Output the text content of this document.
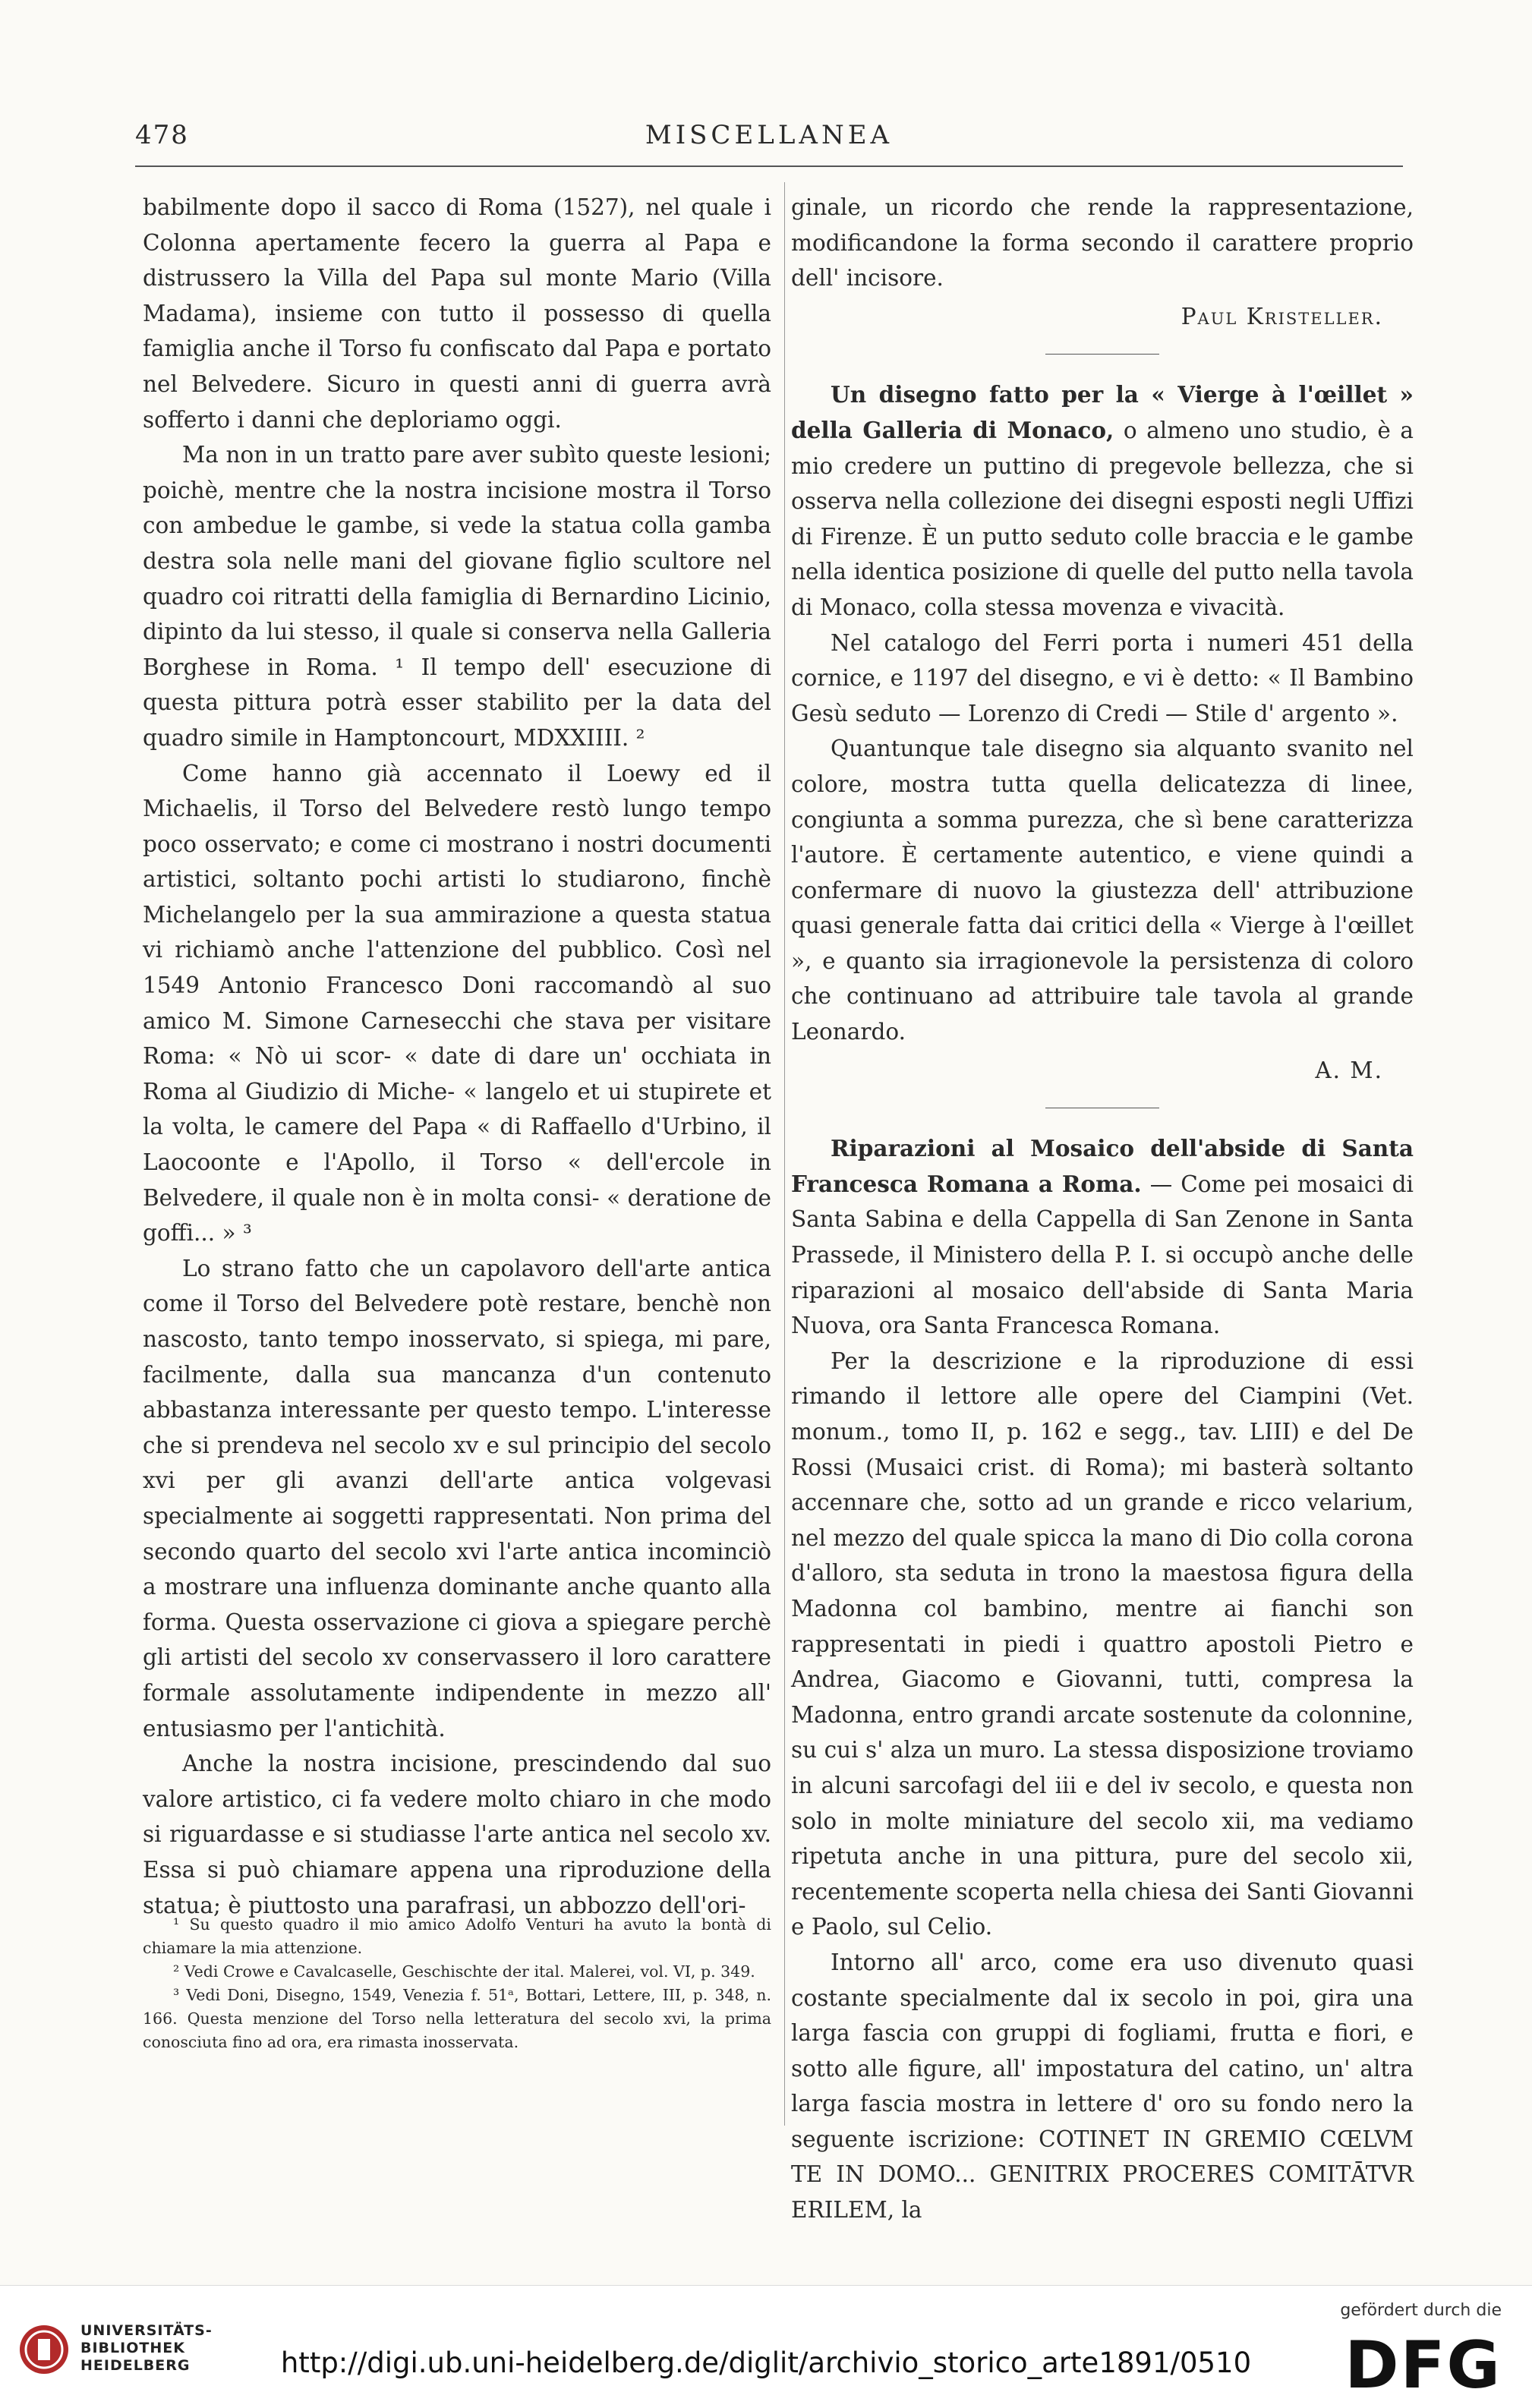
478	MISCELLANEA

babilmente dopo il sacco di Roma (1527), nel quale i Colonna apertamente fecero la guerra al Papa e distrussero la Villa del Papa sul monte Mario (Villa Madama), insieme con tutto il possesso di quella famiglia anche il Torso fu confiscato dal Papa e portato nel Belvedere. Sicuro in questi anni di guerra avrà sofferto i danni che deploriamo oggi.

Ma non in un tratto pare aver subìto queste lesioni; poichè, mentre che la nostra incisione mostra il Torso con ambedue le gambe, si vede la statua colla gamba destra sola nelle mani del giovane figlio scultore nel quadro coi ritratti della famiglia di Bernardino Licinio, dipinto da lui stesso, il quale si conserva nella Galleria Borghese in Roma. ¹ Il tempo dell' esecuzione di questa pittura potrà esser stabilito per la data del quadro simile in Hamptoncourt, MDXXIIII. ²

Come hanno già accennato il Loewy ed il Michaelis, il Torso del Belvedere restò lungo tempo poco osservato; e come ci mostrano i nostri documenti artistici, soltanto pochi artisti lo studiarono, finchè Michelangelo per la sua ammirazione a questa statua vi richiamò anche l'attenzione del pubblico. Così nel 1549 Antonio Francesco Doni raccomandò al suo amico M. Simone Carnesecchi che stava per visitare Roma: « Nò ui scor- « date di dare un' occhiata in Roma al Giudizio di Miche- « langelo et ui stupirete et la volta, le camere del Papa « di Raffaello d'Urbino, il Laocoonte e l'Apollo, il Torso « dell'ercole in Belvedere, il quale non è in molta consi- « deratione de goffi... » ³

Lo strano fatto che un capolavoro dell'arte antica come il Torso del Belvedere potè restare, benchè non nascosto, tanto tempo inosservato, si spiega, mi pare, facilmente, dalla sua mancanza d'un contenuto abbastanza interessante per questo tempo. L'interesse che si prendeva nel secolo xv e sul principio del secolo xvi per gli avanzi dell'arte antica volgevasi specialmente ai soggetti rappresentati. Non prima del secondo quarto del secolo xvi l'arte antica incominciò a mostrare una influenza dominante anche quanto alla forma. Questa osservazione ci giova a spiegare perchè gli artisti del secolo xv conservassero il loro carattere formale assolutamente indipendente in mezzo all' entusiasmo per l'antichità.

Anche la nostra incisione, prescindendo dal suo valore artistico, ci fa vedere molto chiaro in che modo si riguardasse e si studiasse l'arte antica nel secolo xv. Essa si può chiamare appena una riproduzione della statua; è piuttosto una parafrasi, un abbozzo dell'ori-

¹ Su questo quadro il mio amico Adolfo Venturi ha avuto la bontà di chiamare la mia attenzione.

² Vedi Crowe e Cavalcaselle, Geschischte der ital. Malerei, vol. VI, p. 349.

³ Vedi Doni, Disegno, 1549, Venezia f. 51ᵃ, Bottari, Lettere, III, p. 348, n. 166. Questa menzione del Torso nella letteratura del secolo xvi, la prima conosciuta fino ad ora, era rimasta inosservata.

ginale, un ricordo che rende la rappresentazione, modificandone la forma secondo il carattere proprio dell' incisore.

Paul Kristeller.

Un disegno fatto per la « Vierge à l'œillet » della Galleria di Monaco, o almeno uno studio, è a mio credere un puttino di pregevole bellezza, che si osserva nella collezione dei disegni esposti negli Uffizi di Firenze. È un putto seduto colle braccia e le gambe nella identica posizione di quelle del putto nella tavola di Monaco, colla stessa movenza e vivacità.

Nel catalogo del Ferri porta i numeri 451 della cornice, e 1197 del disegno, e vi è detto: « Il Bambino Gesù seduto — Lorenzo di Credi — Stile d' argento ».

Quantunque tale disegno sia alquanto svanito nel colore, mostra tutta quella delicatezza di linee, congiunta a somma purezza, che sì bene caratterizza l'autore. È certamente autentico, e viene quindi a confermare di nuovo la giustezza dell' attribuzione quasi generale fatta dai critici della « Vierge à l'œillet », e quanto sia irragionevole la persistenza di coloro che continuano ad attribuire tale tavola al grande Leonardo.

A. M.

Riparazioni al Mosaico dell'abside di Santa Francesca Romana a Roma. — Come pei mosaici di Santa Sabina e della Cappella di San Zenone in Santa Prassede, il Ministero della P. I. si occupò anche delle riparazioni al mosaico dell'abside di Santa Maria Nuova, ora Santa Francesca Romana.

Per la descrizione e la riproduzione di essi rimando il lettore alle opere del Ciampini (Vet. monum., tomo II, p. 162 e segg., tav. LIII) e del De Rossi (Musaici crist. di Roma); mi basterà soltanto accennare che, sotto ad un grande e ricco velarium, nel mezzo del quale spicca la mano di Dio colla corona d'alloro, sta seduta in trono la maestosa figura della Madonna col bambino, mentre ai fianchi son rappresentati in piedi i quattro apostoli Pietro e Andrea, Giacomo e Giovanni, tutti, compresa la Madonna, entro grandi arcate sostenute da colonnine, su cui s' alza un muro. La stessa disposizione troviamo in alcuni sarcofagi del iii e del iv secolo, e questa non solo in molte miniature del secolo xii, ma vediamo ripetuta anche in una pittura, pure del secolo xii, recentemente scoperta nella chiesa dei Santi Giovanni e Paolo, sul Celio.

Intorno all' arco, come era uso divenuto quasi costante specialmente dal ix secolo in poi, gira una larga fascia con gruppi di fogliami, frutta e fiori, e sotto alle figure, all' impostatura del catino, un' altra larga fascia mostra in lettere d' oro su fondo nero la seguente iscrizione: COTINET IN GREMIO CŒLVM TE IN DOMO... GENITRIX PROCERES COMITĀTVR ERILEM, la

UNIVERSITÄTS-
BIBLIOTHEK
HEIDELBERG	http://digi.ub.uni-heidelberg.de/diglit/archivio_storico_arte1891/0510
gefördert durch die
DFG
